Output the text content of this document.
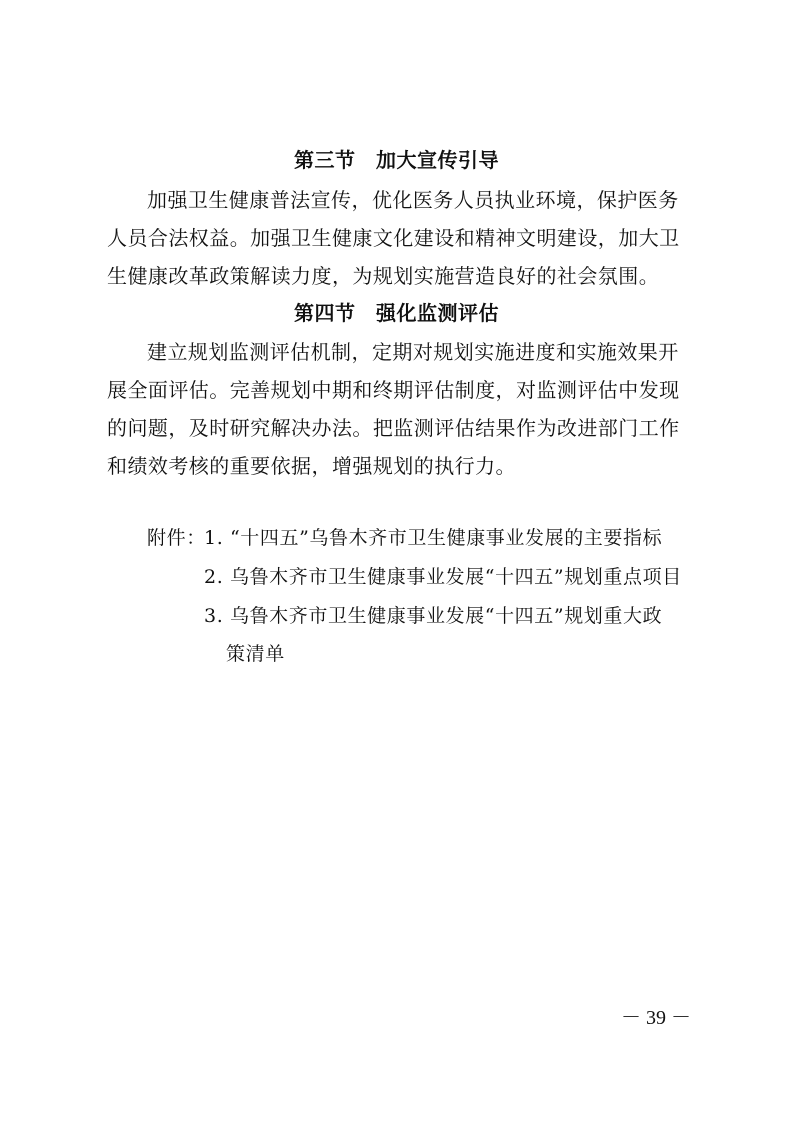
第三节　加大宣传引导
加强卫生健康普法宣传，优化医务人员执业环境，保护医务
人员合法权益。加强卫生健康文化建设和精神文明建设，加大卫
生健康改革政策解读力度，为规划实施营造良好的社会氛围。
第四节　强化监测评估
建立规划监测评估机制，定期对规划实施进度和实施效果开
展全面评估。完善规划中期和终期评估制度，对监测评估中发现
的问题，及时研究解决办法。把监测评估结果作为改进部门工作
和绩效考核的重要依据，增强规划的执行力。
附件：
1. “十四五”乌鲁木齐市卫生健康事业发展的主要指标
2. 乌鲁木齐市卫生健康事业发展“十四五”规划重点项目
3. 乌鲁木齐市卫生健康事业发展“十四五”规划重大政
策清单
－ 39 －
